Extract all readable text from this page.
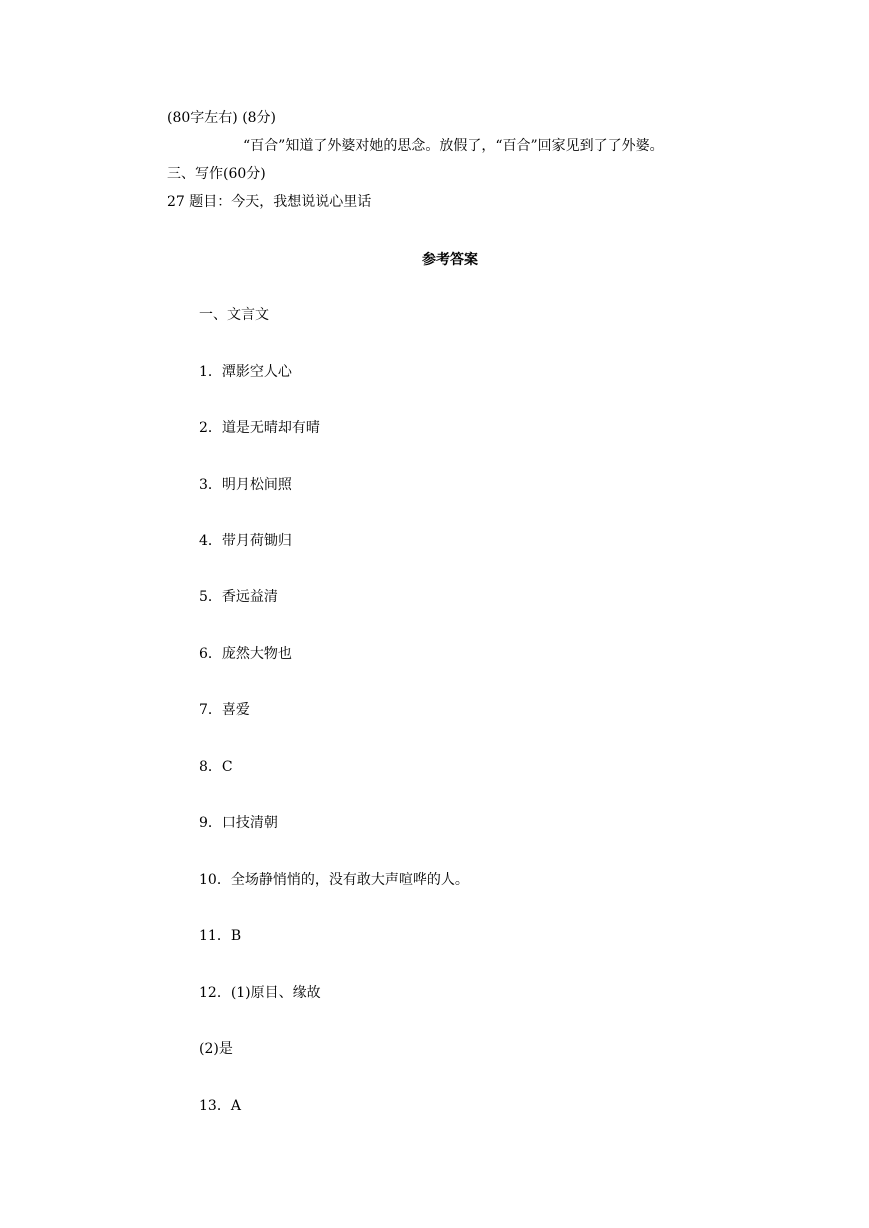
(80字左右) (8分)
“百合”知道了外婆对她的思念。放假了，“百合”回家见到了了外婆。
三、写作(60分)
27 题目：今天，我想说说心里话
参考答案
一、文言文
1．潭影空人心
2．道是无晴却有晴
3．明月松间照
4．带月荷锄归
5．香远益清
6．庞然大物也
7．喜爱
8．C
9．口技清朝
10．全场静悄悄的，没有敢大声喧哗的人。
11．B
12．(1)原目、缘故
(2)是
13．A
